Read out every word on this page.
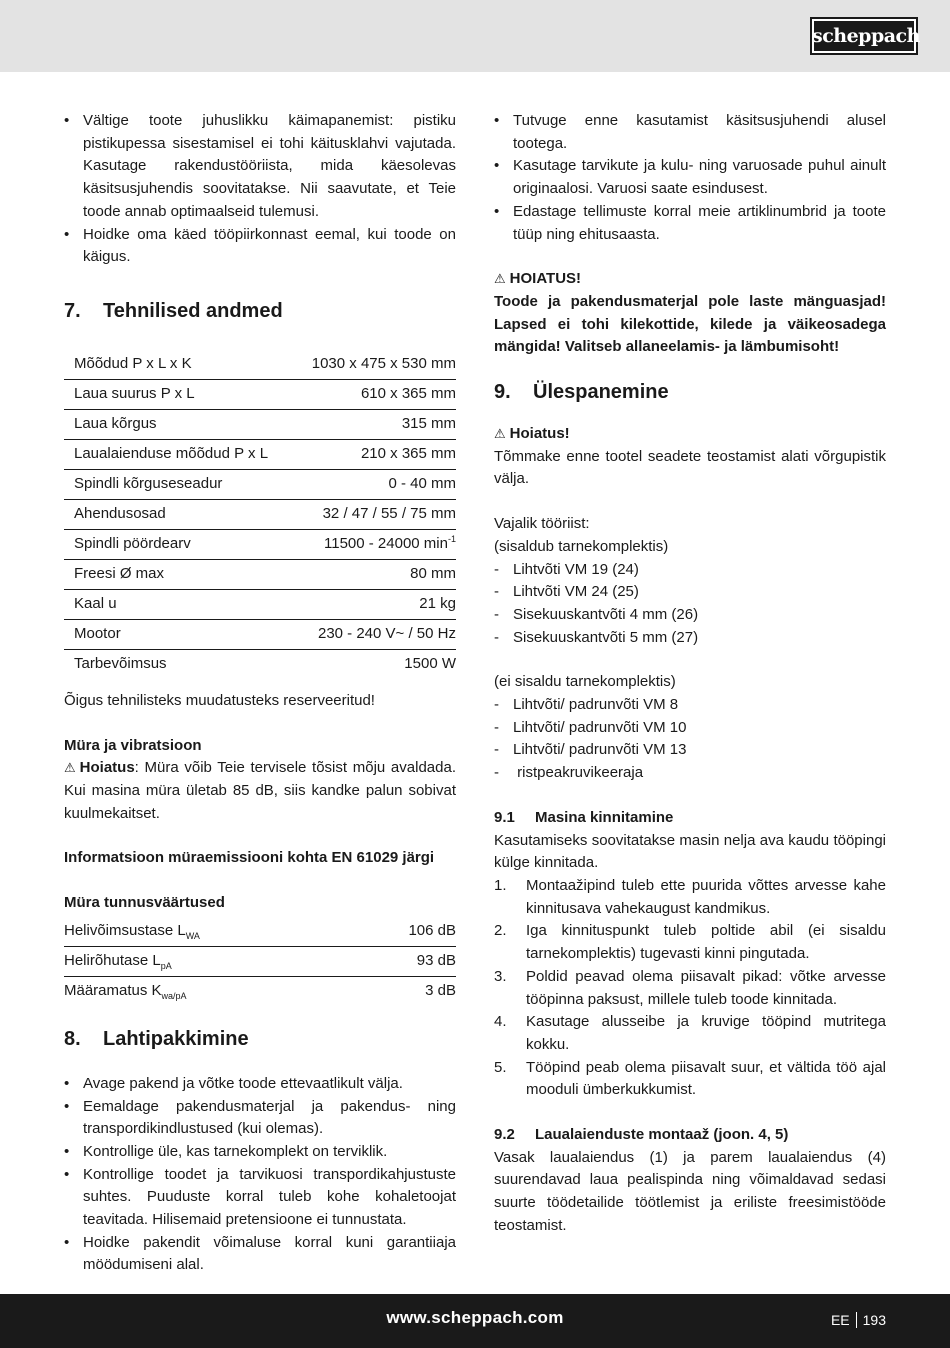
scheppach
• Vältige toote juhuslikku käimapanemist: pistiku pistikupessa sisestamisel ei tohi käitusklahvi vajutada. Kasutage rakendustööriista, mida käesolevas käsitsusjuhendis soovitatakse. Nii saavutate, et Teie toode annab optimaalseid tulemusi.
• Hoidke oma käed tööpiirkonnast eemal, kui toode on käigus.
7. Tehnilised andmed
Mõõdud P x L x K	1030 x 475 x 530 mm
Laua suurus P x L	610 x 365 mm
Laua kõrgus	315 mm
Laualaienduse mõõdud P x L	210 x 365 mm
Spindli kõrguseseadur	0 - 40 mm
Ahendusosad	32 / 47 / 55 / 75 mm
Spindli pöördearv	11500 - 24000 $\min^{-1}$
Freesi Ø max	80 mm
Kaal u	21 kg
Mootor	230 - 240 V~ / 50 Hz
Tarbevõimsus	1500 W

Õigus tehnilisteks muudatusteks reserveeritud!

Müra ja vibratsioon

⚠ Hoiatus: Müra võib Teie tervisele tõsist mõju avaldada. Kui masina müra ületab 85 dB, siis kandke palun sobivat kuulmekaitset.

Informatsioon müraemissiooni kohta EN 61029 järgi

Müra tunnusväärtused

Helivõimsustase $L_{WA}$	106 dB
Helirõhutase $L_{pA}$	93 dB
Määramatus $K_{wa/pA}$	3 dB
8. Lahtipakkimine
• Avage pakend ja võtke toode ettevaatlikult välja.
• Eemaldage pakendusmaterjal ja pakendus- ning transpordikindlustused (kui olemas).
• Kontrollige üle, kas tarnekomplekt on terviklik.
• Kontrollige toodet ja tarvikuosi transpordikahjustuste suhtes. Puuduste korral tuleb kohe kohaletoojat teavitada. Hilisemaid pretensioone ei tunnustata.
• Hoidke pakendit võimaluse korral kuni garantiiaja möödumiseni alal.
• Tutvuge enne kasutamist käsitsusjuhendi alusel tootega.
• Kasutage tarvikute ja kulu- ning varuosade puhul ainult originaalosi. Varuosi saate esindusest.
• Edastage tellimuste korral meie artiklinumbrid ja toote tüüp ning ehitusaasta.

⚠ HOIATUS!

Toode ja pakendusmaterjal pole laste mänguasjad! Lapsed ei tohi kilekottide, kilede ja väikeosadega mängida! Valitseb allaneelamis- ja lämbumisoht!

9. Ülespanemine

⚠ Hoiatus!

Tõmmake enne tootel seadete teostamist alati võrgupistik välja.

Vajalik tööriist:

(sisaldub tarnekomplektis)

- Lihtvõti VM 19 (24)
- Lihtvõti VM 24 (25)
- Sisekuuskantvõti 4 mm (26)
- Sisekuuskantvõti 5 mm (27)

(ei sisaldu tarnekomplektis)

- Lihtvõti/ padrunvõti VM 8
- Lihtvõti/ padrunvõti VM 10
- Lihtvõti/ padrunvõti VM 13
-  ristpeakruvikeeraja
9.1 Masina kinnitamine

Kasutamiseks soovitatakse masin nelja ava kaudu tööpingi külge kinnitada.

1. Montaažipind tuleb ette puurida võttes arvesse kahe kinnitusava vahekaugust kandmikus.
2. Iga kinnituspunkt tuleb poltide abil (ei sisaldu tarnekomplektis) tugevasti kinni pingutada.
3. Poldid peavad olema piisavalt pikad: võtke arvesse tööpinna paksust, millele tuleb toode kinnitada.
4. Kasutage alusseibe ja kruvige tööpind mutritega kokku.
5. Tööpind peab olema piisavalt suur, et vältida töö ajal mooduli ümberkukkumist.
9.2 Laualaienduste montaaž (joon. 4, 5)

Vasak laualaiendus (1) ja parem laualaiendus (4) suurendavad laua pealispinda ning võimaldavad sedasi suurte töödetailide töötlemist ja eriliste freesimistööde teostamist.

www.scheppach.com	EE 193
